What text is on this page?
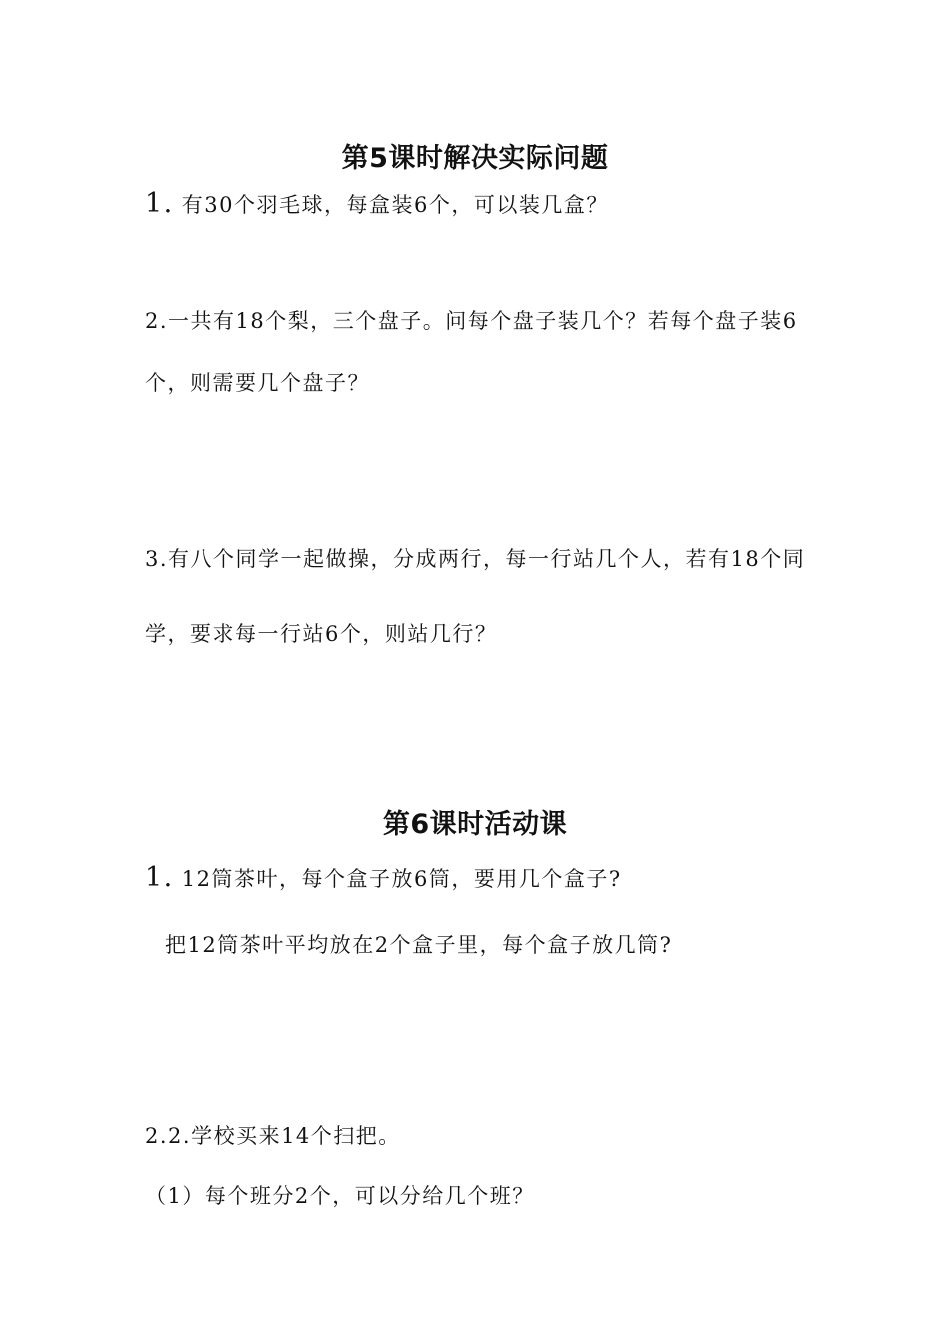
第5课时解决实际问题
1. 有30个羽毛球，每盒装6个，可以装几盒？
2.一共有18个梨，三个盘子。问每个盘子装几个？若每个盘子装6
个，则需要几个盘子？
3.有八个同学一起做操，分成两行，每一行站几个人，若有18个同
学，要求每一行站6个，则站几行？
第6课时活动课
1. 12筒茶叶，每个盒子放6筒，要用几个盒子?
把12筒茶叶平均放在2个盒子里，每个盒子放几筒?
2.2.学校买来14个扫把。
（1）每个班分2个，可以分给几个班？
